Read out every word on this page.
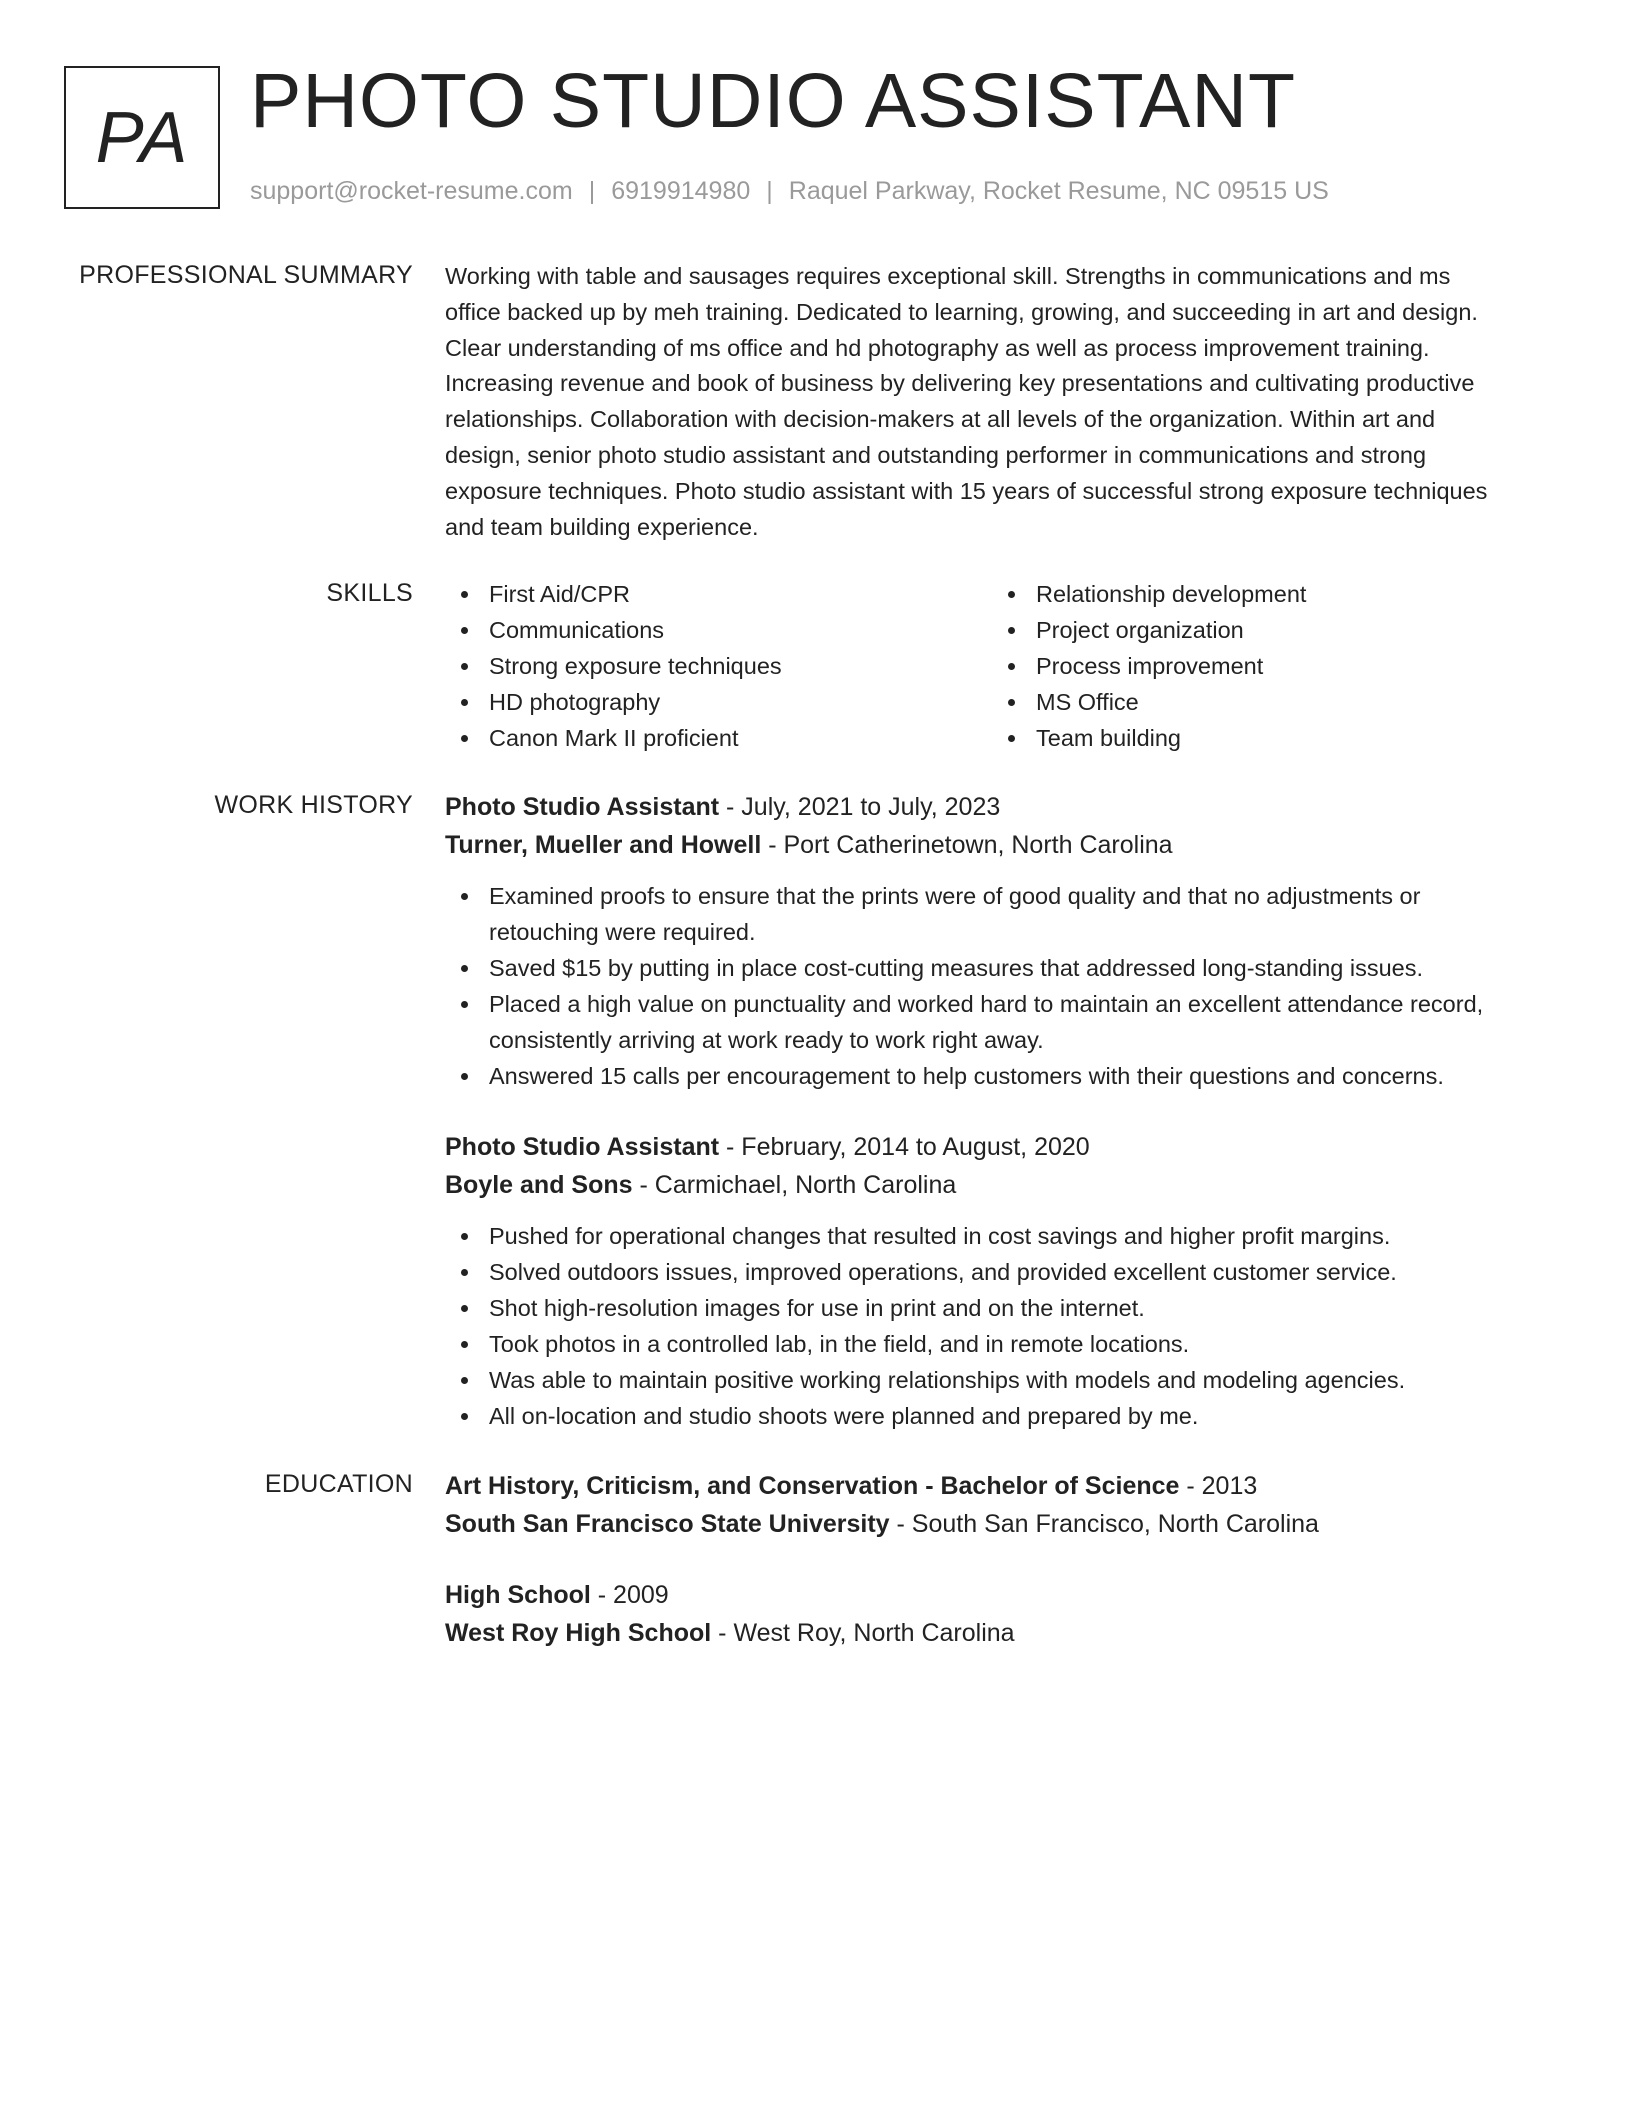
PA PHOTO STUDIO ASSISTANT
support@rocket-resume.com | 6919914980 | Raquel Parkway, Rocket Resume, NC 09515 US
PROFESSIONAL SUMMARY Working with table and sausages requires exceptional skill. Strengths in communications and ms
office backed up by meh training. Dedicated to learning, growing, and succeeding in art and design.
Clear understanding of ms office and hd photography as well as process improvement training.
Increasing revenue and book of business by delivering key presentations and cultivating productive
relationships. Collaboration with decision-makers at all levels of the organization. Within art and
design, senior photo studio assistant and outstanding performer in communications and strong
exposure techniques. Photo studio assistant with 15 years of successful strong exposure techniques
and team building experience.
SKILLS	First Aid/CPR
Communications
Strong exposure techniques
HD photography
Canon Mark II proficient
Relationship development
Project organization
Process improvement
MS Office
Team building
WORK HISTORY Photo Studio Assistant - July, 2021 to July, 2023
Turner, Mueller and Howell - Port Catherinetown, North Carolina
Examined proofs to ensure that the prints were of good quality and that no adjustments or
retouching were required.
Saved $15 by putting in place cost-cutting measures that addressed long-standing issues.
Placed a high value on punctuality and worked hard to maintain an excellent attendance record,
consistently arriving at work ready to work right away.
Answered 15 calls per encouragement to help customers with their questions and concerns.
Photo Studio Assistant - February, 2014 to August, 2020
Boyle and Sons - Carmichael, North Carolina
Pushed for operational changes that resulted in cost savings and higher profit margins.
Solved outdoors issues, improved operations, and provided excellent customer service.
Shot high-resolution images for use in print and on the internet.
Took photos in a controlled lab, in the field, and in remote locations.
Was able to maintain positive working relationships with models and modeling agencies.
All on-location and studio shoots were planned and prepared by me.
EDUCATION Art History, Criticism, and Conservation - Bachelor of Science - 2013
South San Francisco State University - South San Francisco, North Carolina
High School - 2009
West Roy High School - West Roy, North Carolina
